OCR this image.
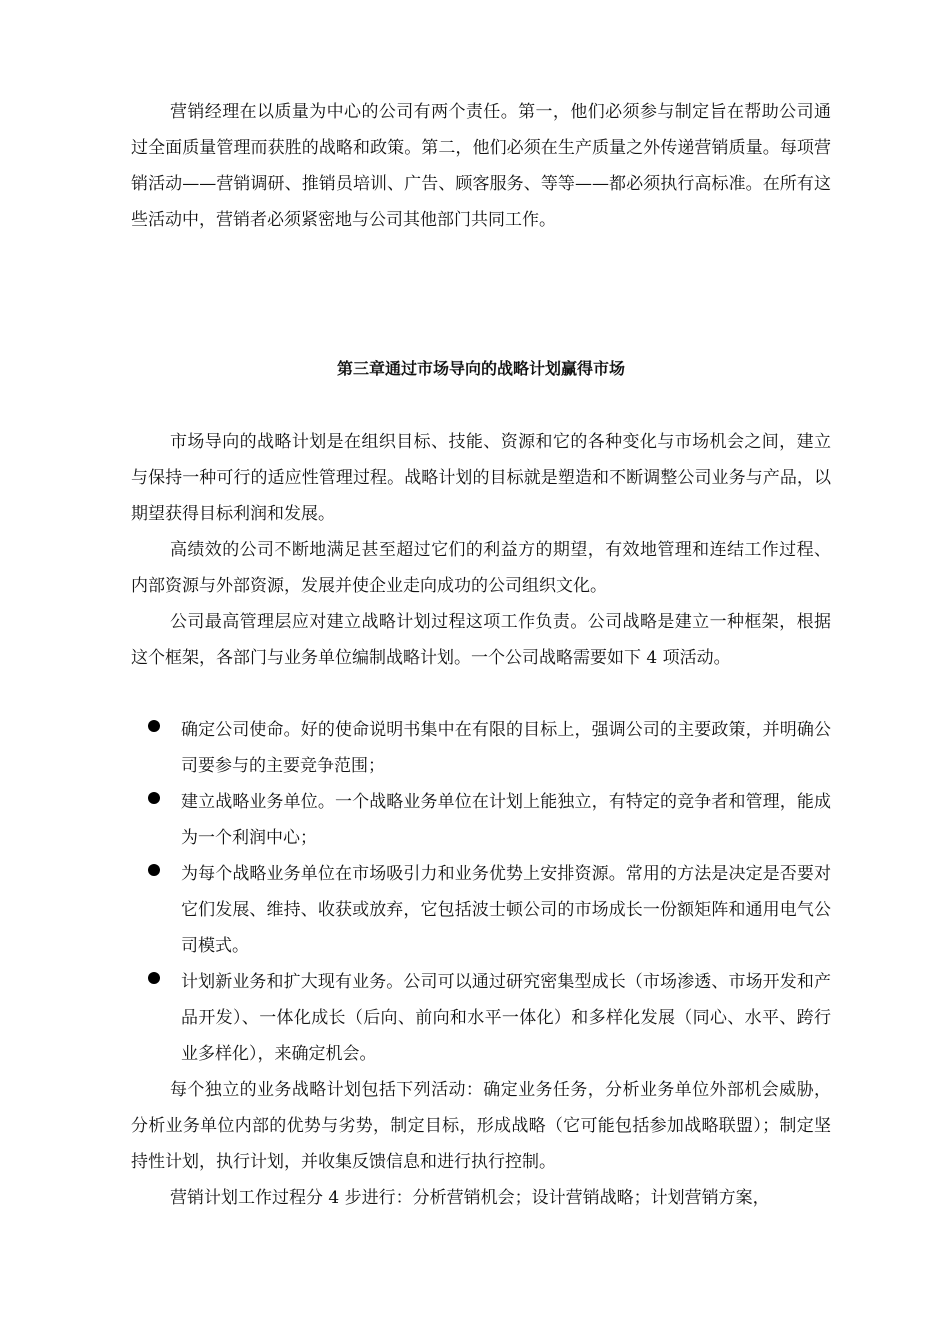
营销经理在以质量为中心的公司有两个责任。第一，他们必须参与制定旨在帮助公司通过全面质量管理而获胜的战略和政策。第二，他们必须在生产质量之外传递营销质量。每项营销活动——营销调研、推销员培训、广告、顾客服务、等等——都必须执行高标准。在所有这些活动中，营销者必须紧密地与公司其他部门共同工作。

第三章通过市场导向的战略计划赢得市场

市场导向的战略计划是在组织目标、技能、资源和它的各种变化与市场机会之间，建立与保持一种可行的适应性管理过程。战略计划的目标就是塑造和不断调整公司业务与产品，以期望获得目标利润和发展。

高绩效的公司不断地满足甚至超过它们的利益方的期望，有效地管理和连结工作过程、内部资源与外部资源，发展并使企业走向成功的公司组织文化。

公司最高管理层应对建立战略计划过程这项工作负责。公司战略是建立一种框架，根据这个框架，各部门与业务单位编制战略计划。一个公司战略需要如下 4 项活动。

确定公司使命。好的使命说明书集中在有限的目标上，强调公司的主要政策，并明确公司要参与的主要竞争范围；

建立战略业务单位。一个战略业务单位在计划上能独立，有特定的竞争者和管理，能成为一个利润中心；

为每个战略业务单位在市场吸引力和业务优势上安排资源。常用的方法是决定是否要对它们发展、维持、收获或放弃，它包括波士顿公司的市场成长一份额矩阵和通用电气公司模式。

计划新业务和扩大现有业务。公司可以通过研究密集型成长（市场渗透、市场开发和产品开发）、一体化成长（后向、前向和水平一体化）和多样化发展（同心、水平、跨行业多样化），来确定机会。

每个独立的业务战略计划包括下列活动：确定业务任务，分析业务单位外部机会威胁，分析业务单位内部的优势与劣势，制定目标，形成战略（它可能包括参加战略联盟）；制定坚持性计划，执行计划，并收集反馈信息和进行执行控制。

营销计划工作过程分 4 步进行：分析营销机会；设计营销战略；计划营销方案，
